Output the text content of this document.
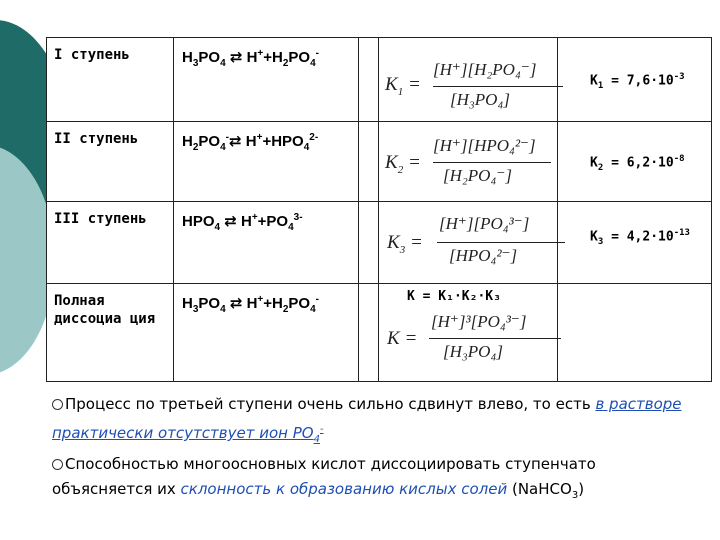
I ступень	$H_3PO_4$ ⇄ $H^++H_2PO_4^-$	$K_1$ =
[H⁺][H₂PO₄⁻]
[H₃PO₄]
$K_1 = 7,6\cdot 10^{-3}$

II ступень	$H_2PO_4^-⇄$ $H^++HPO_4^{2-}$	$K_2$ =
[H⁺][HPO₄²⁻]
[H₂PO₄⁻]
$K_2 = 6,2\cdot 10^{-8}$

III ступень	$HPO_4$ ⇄ $H^++PO_4^{3-}$	$K_3$ =
[H⁺][PO₄³⁻]
[HPO₄²⁻]
$K_3 = 4,2\cdot 10^{-13}$

Полная диссоциа ция	$H_3PO_4$ ⇄ $H^++H_2PO_4^-$	K = K₁·K₂·K₃
K =
[H⁺]³[PO₄³⁻]
[H₃PO₄]
Процесс по третьей ступени очень сильно сдвинут влево, то есть в растворе практически отсутствует ион $PO_4^-$
Способностью многоосновных кислот диссоциировать ступенчато объясняется их склонность к образованию кислых солей (NaHCO$_3$)
